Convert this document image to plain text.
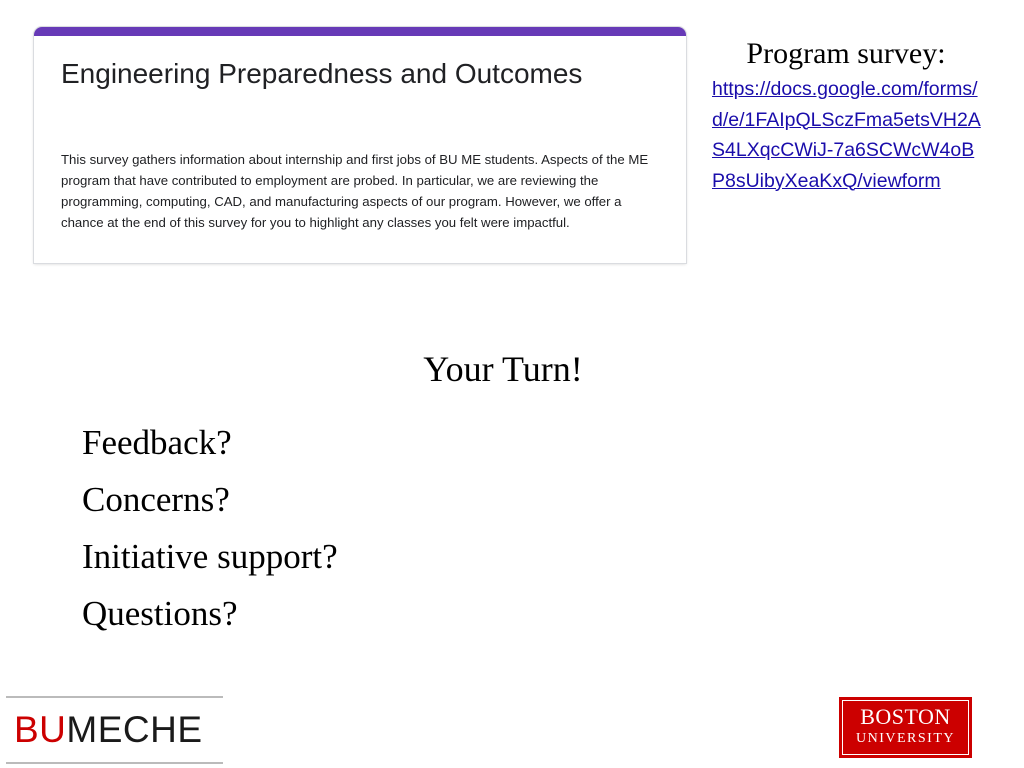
Engineering Preparedness and Outcomes
This survey gathers information about internship and first jobs of BU ME students. Aspects of the ME program that have contributed to employment are probed. In particular, we are reviewing the programming, computing, CAD, and manufacturing aspects of our program. However, we offer a chance at the end of this survey for you to highlight any classes you felt were impactful.
Program survey:
https://docs.google.com/forms/d/e/1FAIpQLSczFma5etsVH2AS4LXqcCWiJ-7a6SCWcW4oBP8sUibyXeaKxQ/viewform
Your Turn!
Feedback?
Concerns?
Initiative support?
Questions?
BUMECHE	BOSTON
UNIVERSITY
